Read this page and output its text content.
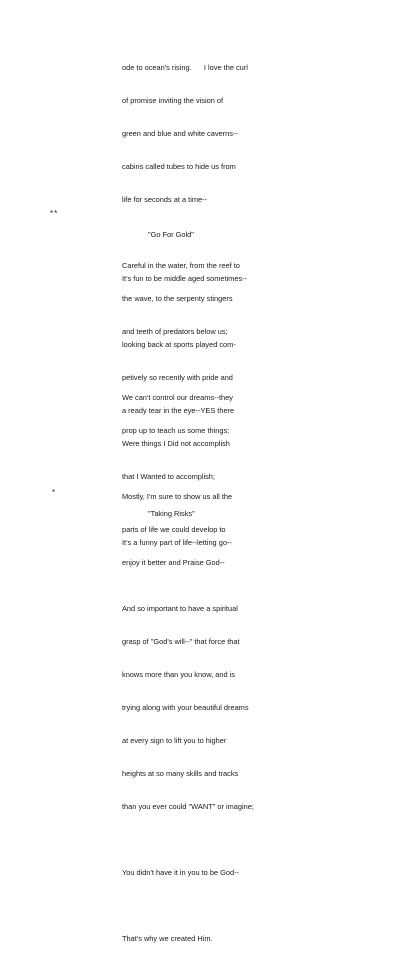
ode to ocean's rising.      I love the curl

of promise inviting the vision of

green and blue and white caverns--

cabins called tubes to hide us from

life for seconds at a time--

Careful in the water, from the reef to

the wave, to the serpenty stingers

and teeth of predators below us;

We can't control our dreams--they

prop up to teach us some things;

Mostly, I'm sure to show us all the

parts of life we could develop to

enjoy it better and Praise God--

**
"Go For Gold"

It's fun to be middle aged sometimes--

looking back at sports played com-

petively so recently with pride and

a ready tear in the eye--YES there

Were things I Did not accomplish

that I Wanted to accomplish;

It's a funny part of life--letting go--

And so important to have a spiritual

grasp of "God's will--" that force that

knows more than you know, and is

trying along with your beautiful dreams

at every sign to lift you to higher

heights at so many skills and tracks

than you ever could "WANT" or imagine;

You didn't have it in you to be God--

That's why we created Him.

*
"Taking Risks"
